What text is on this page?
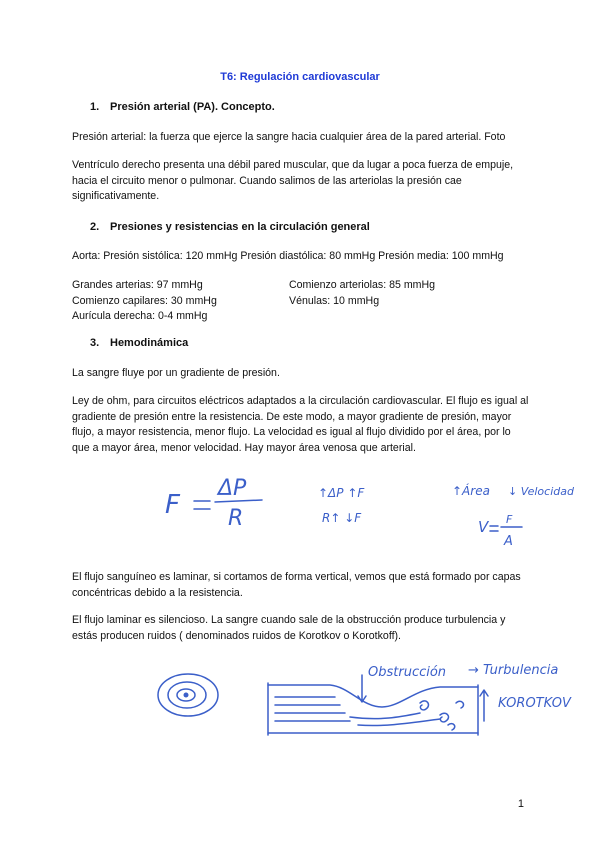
T6: Regulación cardiovascular
1. Presión arterial (PA). Concepto.

Presión arterial: la fuerza que ejerce la sangre hacia cualquier área de la pared arterial. Foto

Ventrículo derecho presenta una débil pared muscular, que da lugar a poca fuerza de empuje, hacia el circuito menor o pulmonar. Cuando salimos de las arteriolas la presión cae significativamente.

2. Presiones y resistencias en la circulación general

Aorta: Presión sistólica: 120 mmHg Presión diastólica: 80 mmHg Presión media: 100 mmHg

Grandes arterias: 97 mmHg
Comienzo capilares: 30 mmHg
Aurícula derecha: 0-4 mmHg
Comienzo arteriolas: 85 mmHg
Vénulas: 10 mmHg
3. Hemodinámica

La sangre fluye por un gradiente de presión.

Ley de ohm, para circuitos eléctricos adaptados a la circulación cardiovascular. El flujo es igual al gradiente de presión entre la resistencia. De este modo, a mayor gradiente de presión, mayor flujo, a mayor resistencia, menor flujo. La velocidad es igual al flujo dividido por el área, por lo que a mayor área, menor velocidad. Hay mayor área venosa que arterial.

F
ΔP
R
↑ΔP ↑F
R↑ ↓F
↑Área ↓ Velocidad
V F
A

El flujo sanguíneo es laminar, si cortamos de forma vertical, vemos que está formado por capas concéntricas debido a la resistencia.

El flujo laminar es silencioso. La sangre cuando sale de la obstrucción produce turbulencia y estás producen ruidos ( denominados ruidos de Korotkov o Korotkoff).

Obstrucción → Turbulencia
KOROTKOV
1
